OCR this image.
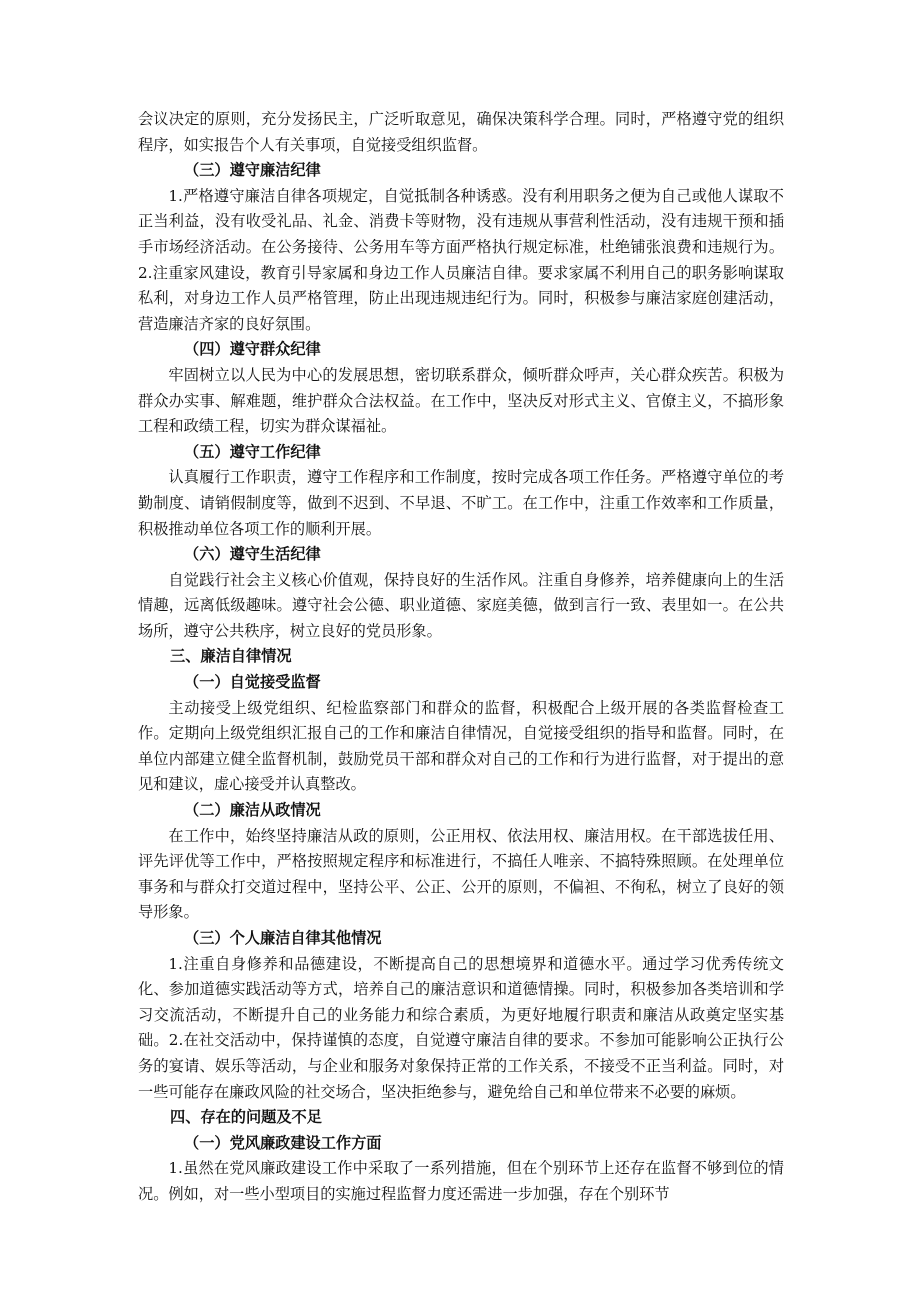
会议决定的原则，充分发扬民主，广泛听取意见，确保决策科学合理。同时，严格遵守党的组织程序，如实报告个人有关事项，自觉接受组织监督。

（三）遵守廉洁纪律

1.严格遵守廉洁自律各项规定，自觉抵制各种诱惑。没有利用职务之便为自己或他人谋取不正当利益，没有收受礼品、礼金、消费卡等财物，没有违规从事营利性活动，没有违规干预和插手市场经济活动。在公务接待、公务用车等方面严格执行规定标准，杜绝铺张浪费和违规行为。2.注重家风建设，教育引导家属和身边工作人员廉洁自律。要求家属不利用自己的职务影响谋取私利，对身边工作人员严格管理，防止出现违规违纪行为。同时，积极参与廉洁家庭创建活动，营造廉洁齐家的良好氛围。

（四）遵守群众纪律

牢固树立以人民为中心的发展思想，密切联系群众，倾听群众呼声，关心群众疾苦。积极为群众办实事、解难题，维护群众合法权益。在工作中，坚决反对形式主义、官僚主义，不搞形象工程和政绩工程，切实为群众谋福祉。

（五）遵守工作纪律

认真履行工作职责，遵守工作程序和工作制度，按时完成各项工作任务。严格遵守单位的考勤制度、请销假制度等，做到不迟到、不早退、不旷工。在工作中，注重工作效率和工作质量，积极推动单位各项工作的顺利开展。

（六）遵守生活纪律

自觉践行社会主义核心价值观，保持良好的生活作风。注重自身修养，培养健康向上的生活情趣，远离低级趣味。遵守社会公德、职业道德、家庭美德，做到言行一致、表里如一。在公共场所，遵守公共秩序，树立良好的党员形象。

三、廉洁自律情况
（一）自觉接受监督

主动接受上级党组织、纪检监察部门和群众的监督，积极配合上级开展的各类监督检查工作。定期向上级党组织汇报自己的工作和廉洁自律情况，自觉接受组织的指导和监督。同时，在单位内部建立健全监督机制，鼓励党员干部和群众对自己的工作和行为进行监督，对于提出的意见和建议，虚心接受并认真整改。

（二）廉洁从政情况

在工作中，始终坚持廉洁从政的原则，公正用权、依法用权、廉洁用权。在干部选拔任用、评先评优等工作中，严格按照规定程序和标准进行，不搞任人唯亲、不搞特殊照顾。在处理单位事务和与群众打交道过程中，坚持公平、公正、公开的原则，不偏袒、不徇私，树立了良好的领导形象。

（三）个人廉洁自律其他情况

1.注重自身修养和品德建设，不断提高自己的思想境界和道德水平。通过学习优秀传统文化、参加道德实践活动等方式，培养自己的廉洁意识和道德情操。同时，积极参加各类培训和学习交流活动，不断提升自己的业务能力和综合素质，为更好地履行职责和廉洁从政奠定坚实基础。2.在社交活动中，保持谨慎的态度，自觉遵守廉洁自律的要求。不参加可能影响公正执行公务的宴请、娱乐等活动，与企业和服务对象保持正常的工作关系，不接受不正当利益。同时，对一些可能存在廉政风险的社交场合，坚决拒绝参与，避免给自己和单位带来不必要的麻烦。

四、存在的问题及不足
（一）党风廉政建设工作方面

1.虽然在党风廉政建设工作中采取了一系列措施，但在个别环节上还存在监督不够到位的情况。例如，对一些小型项目的实施过程监督力度还需进一步加强，存在个别环节
